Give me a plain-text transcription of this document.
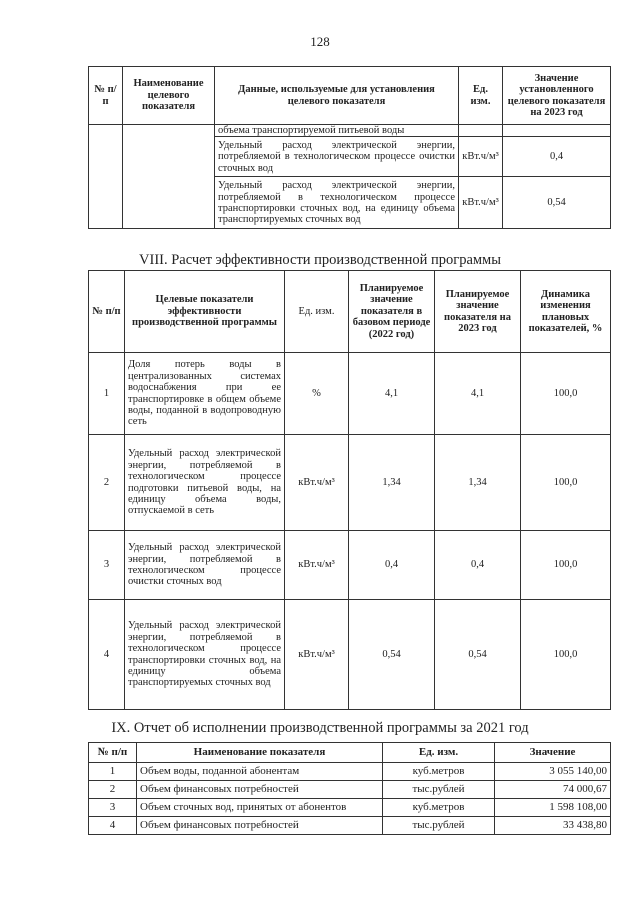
128
№ п/п	Наименование целевого показателя	Данные, используемые для установления целевого показателя	Ед. изм.	Значение установленного целевого показателя на 2023 год
		объема транспортируемой питьевой воды		
		Удельный расход электрической энергии, потребляемой в технологическом процессе очистки сточных вод	кВт.ч/м³	0,4
		Удельный расход электрической энергии, потребляемой в технологическом процессе транспортировки сточных вод, на единицу объема транспортируемых сточных вод	кВт.ч/м³	0,54
VIII. Расчет эффективности производственной программы
№ п/п	Целевые показатели эффективности производственной программы	Ед. изм.	Планируемое значение показателя в базовом периоде (2022 год)	Планируемое значение показателя на 2023 год	Динамика изменения плановых показателей, %
1	Доля потерь воды в централизованных системах водоснабжения при ее транспортировке в общем объеме воды, поданной в водопроводную сеть	%	4,1	4,1	100,0
2	Удельный расход электрической энергии, потребляемой в технологическом процессе подготовки питьевой воды, на единицу объема воды, отпускаемой в сеть	кВт.ч/м³	1,34	1,34	100,0
3	Удельный расход электрической энергии, потребляемой в технологическом процессе очистки сточных вод	кВт.ч/м³	0,4	0,4	100,0
4	Удельный расход электрической энергии, потребляемой в технологическом процессе транспортировки сточных вод, на единицу объема транспортируемых сточных вод	кВт.ч/м³	0,54	0,54	100,0
IX. Отчет об исполнении производственной программы за 2021 год
№ п/п	Наименование показателя	Ед. изм.	Значение
1	Объем воды, поданной абонентам	куб.метров	3 055 140,00
2	Объем финансовых потребностей	тыс.рублей	74 000,67
3	Объем сточных вод, принятых от абонентов	куб.метров	1 598 108,00
4	Объем финансовых потребностей	тыс.рублей	33 438,80
